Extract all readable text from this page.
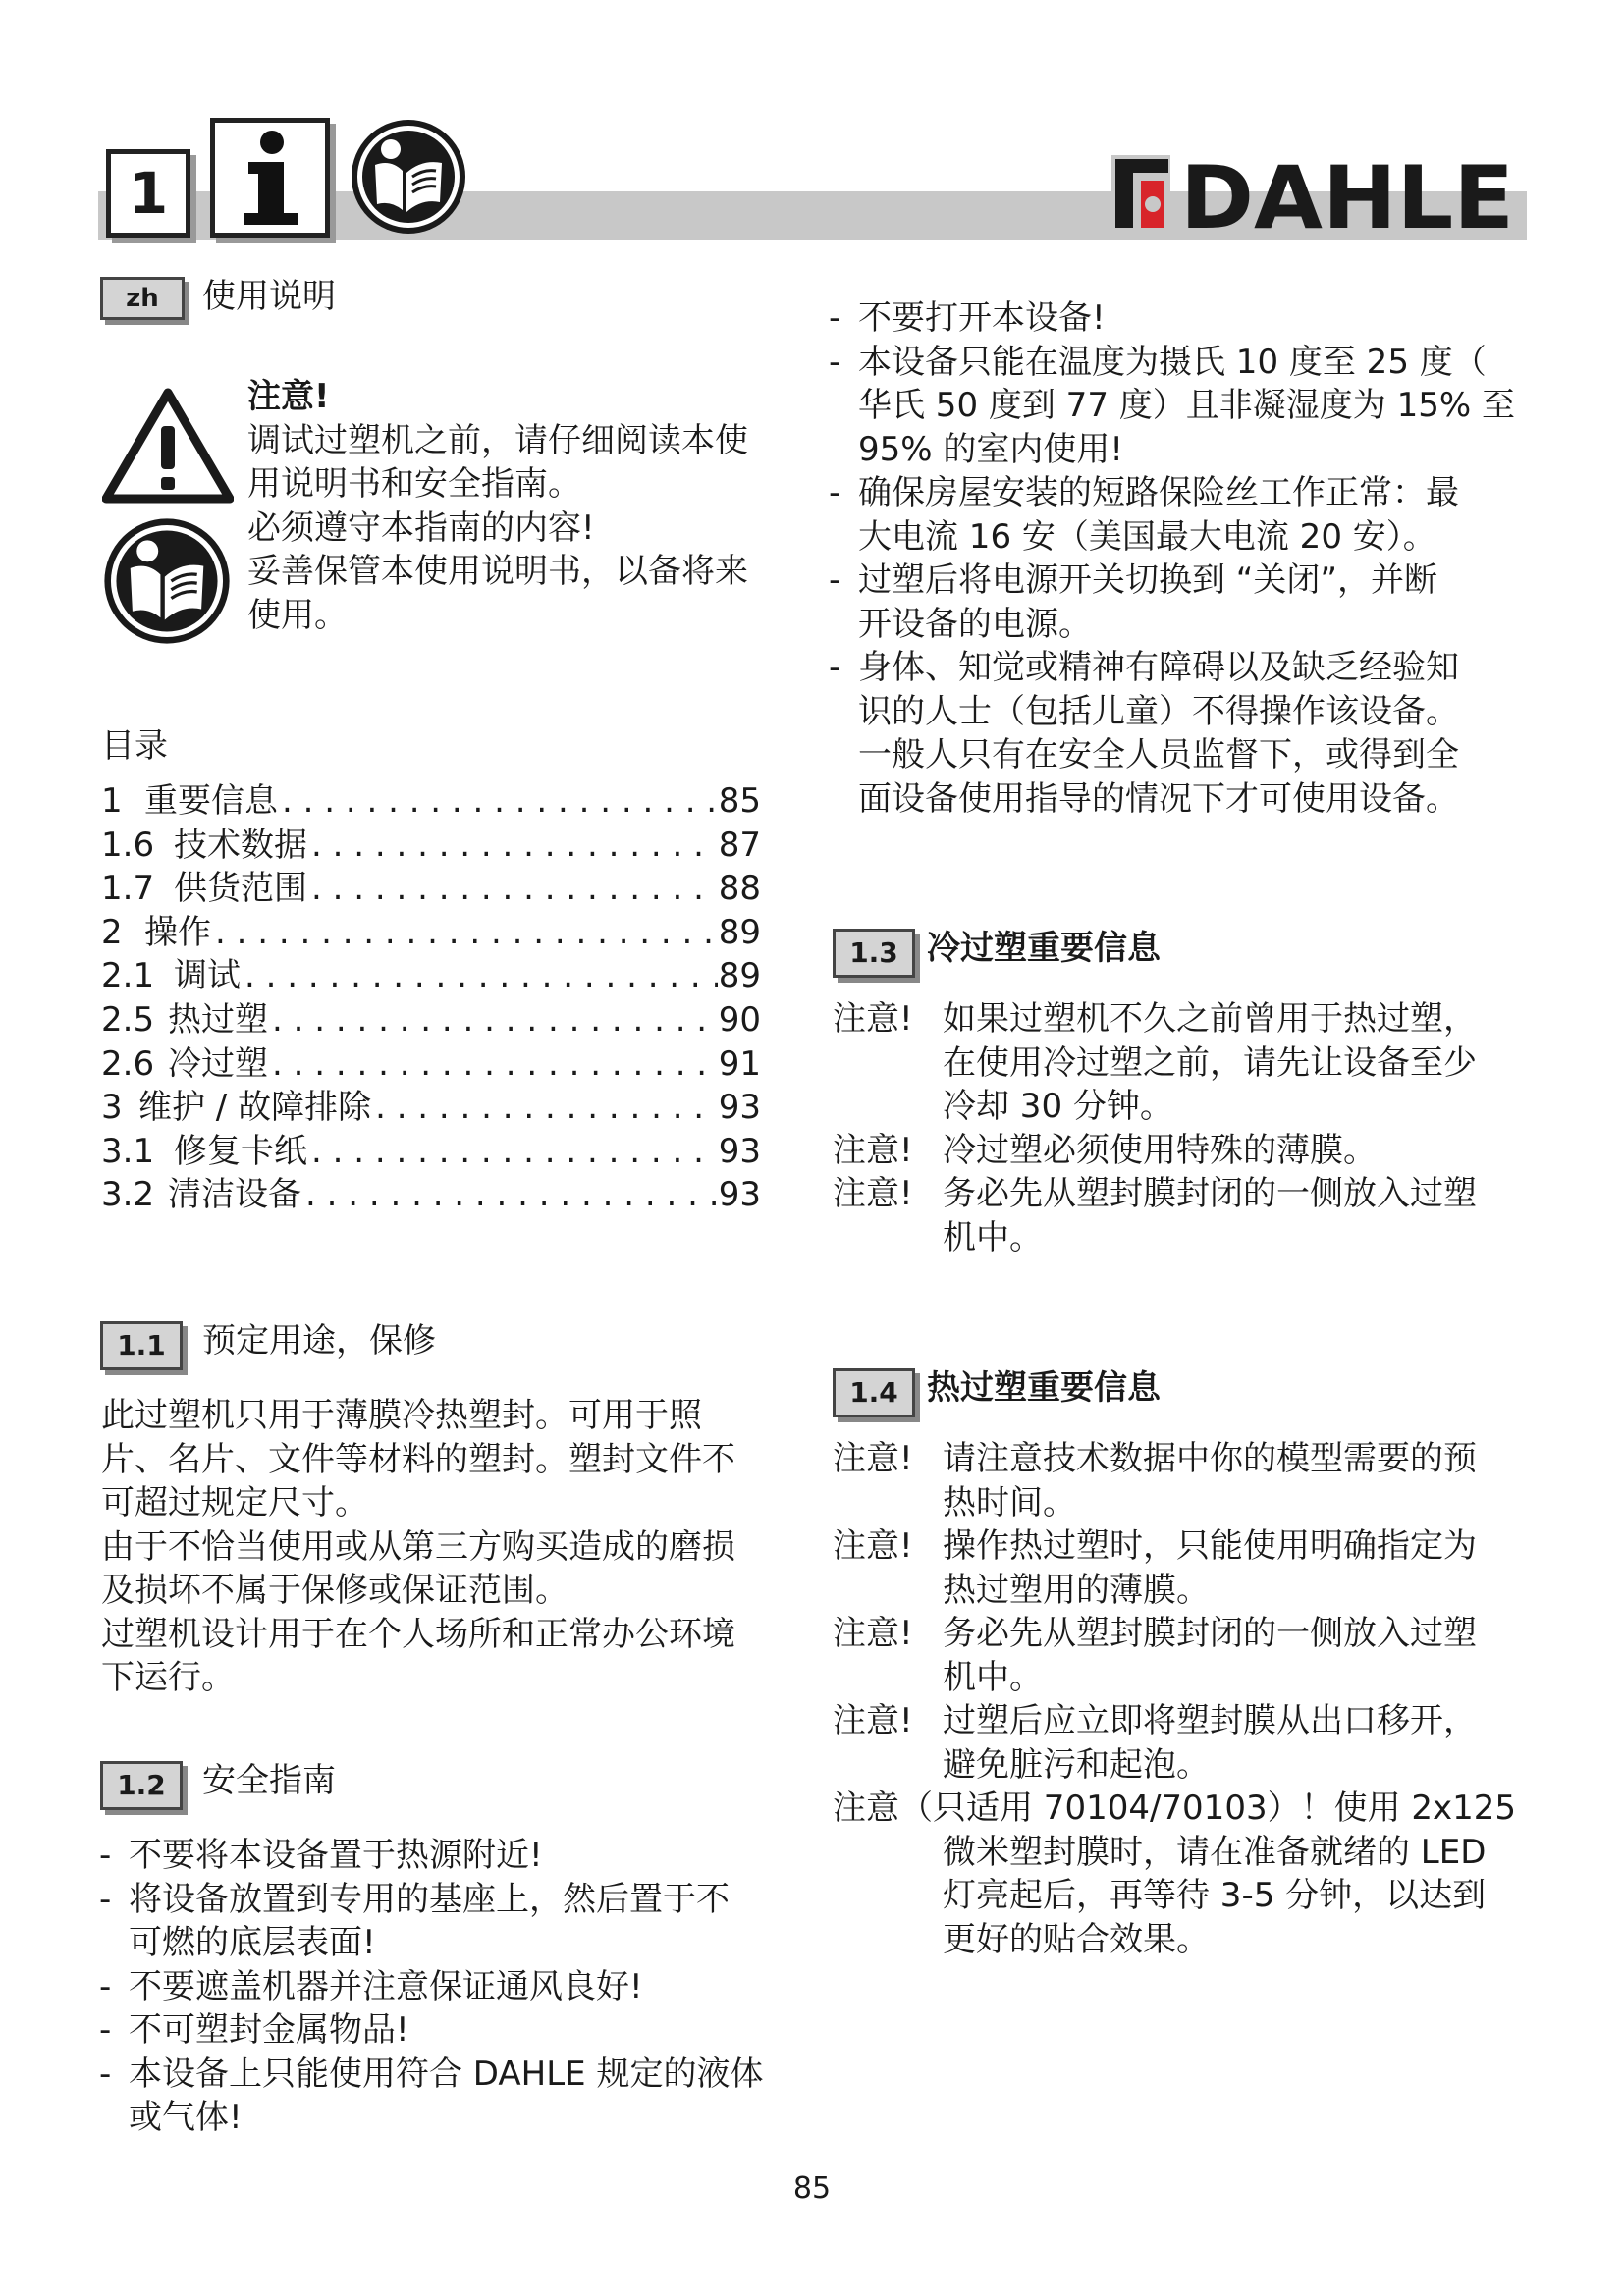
1	DAHLE
zh	使用说明
注意!
调试过塑机之前，请仔细阅读本使
用说明书和安全指南。
必须遵守本指南的内容!
妥善保管本使用说明书，以备将来
使用。
目录
1 重要信息 . . .	85
1.6 技术数据 . . .	87
1.7 供货范围 . . .	88
2 操作 . . .	89
2.1 调试 . . .	89
2.5 热过塑 . . .	90
2.6 冷过塑 . . .	91
3 维护 / 故障排除 . . .	93
3.1 修复卡纸 . . .	93
3.2 清洁设备 . . .	93
1.1	预定用途，保修
此过塑机只用于薄膜冷热塑封。可用于照
片、名片、文件等材料的塑封。塑封文件不
可超过规定尺寸。
由于不恰当使用或从第三方购买造成的磨损
及损坏不属于保修或保证范围。
过塑机设计用于在个人场所和正常办公环境
下运行。
1.2	安全指南
- 不要将本设备置于热源附近!
- 将设备放置到专用的基座上，然后置于不
可燃的底层表面!
- 不要遮盖机器并注意保证通风良好!
- 不可塑封金属物品!
- 本设备上只能使用符合 DAHLE 规定的液体
或气体!
- 不要打开本设备!
- 本设备只能在温度为摄氏 10 度至 25 度（
华氏 50 度到 77 度）且非凝湿度为 15% 至
95% 的室内使用!
- 确保房屋安装的短路保险丝工作正常：最
大电流 16 安（美国最大电流 20 安）。
- 过塑后将电源开关切换到 “关闭”，并断
开设备的电源。
- 身体、知觉或精神有障碍以及缺乏经验知
识的人士（包括儿童）不得操作该设备。
一般人只有在安全人员监督下，或得到全
面设备使用指导的情况下才可使用设备。
1.3 冷过塑重要信息
注意! 如果过塑机不久之前曾用于热过塑，
在使用冷过塑之前，请先让设备至少
冷却 30 分钟。
注意! 冷过塑必须使用特殊的薄膜。
注意! 务必先从塑封膜封闭的一侧放入过塑
机中。
1.4 热过塑重要信息
注意! 请注意技术数据中你的模型需要的预
热时间。
注意! 操作热过塑时，只能使用明确指定为
热过塑用的薄膜。
注意! 务必先从塑封膜封闭的一侧放入过塑
机中。
注意! 过塑后应立即将塑封膜从出口移开，
避免脏污和起泡。
注意（只适用 70104/70103）！使用 2x125
微米塑封膜时，请在准备就绪的 LED
灯亮起后，再等待 3-5 分钟，以达到
更好的贴合效果。
85
